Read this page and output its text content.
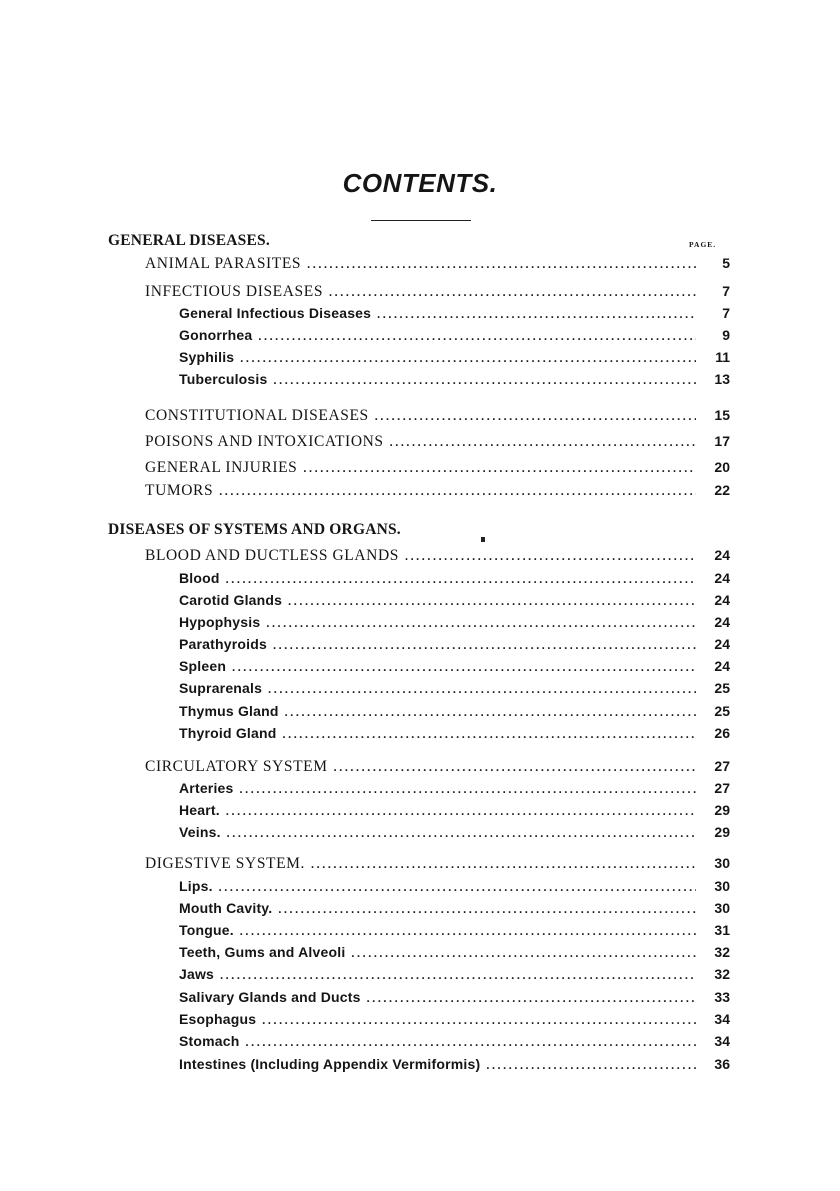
CONTENTS.
GENERAL DISEASES.	PAGE.
ANIMAL PARASITES .....	5
INFECTIOUS DISEASES .....	7
General Infectious Diseases .....	7
Gonorrhea .....	9
Syphilis .....	11
Tuberculosis .....	13
CONSTITUTIONAL DISEASES .....	15
POISONS AND INTOXICATIONS .....	17
GENERAL INJURIES .....	20
TUMORS .....	22
DISEASES OF SYSTEMS AND ORGANS.
BLOOD AND DUCTLESS GLANDS .....	24
Blood .....	24
Carotid Glands .....	24
Hypophysis .....	24
Parathyroids .....	24
Spleen .....	24
Suprarenals .....	25
Thymus Gland .....	25
Thyroid Gland .....	26
CIRCULATORY SYSTEM .....	27
Arteries .....	27
Heart. .....	29
Veins. .....	29
DIGESTIVE SYSTEM. .....	30
Lips. .....	30
Mouth Cavity. .....	30
Tongue. .....	31
Teeth, Gums and Alveoli .....	32
Jaws .....	32
Salivary Glands and Ducts .....	33
Esophagus .....	34
Stomach .....	34
Intestines (Including Appendix Vermiformis) .....	36
